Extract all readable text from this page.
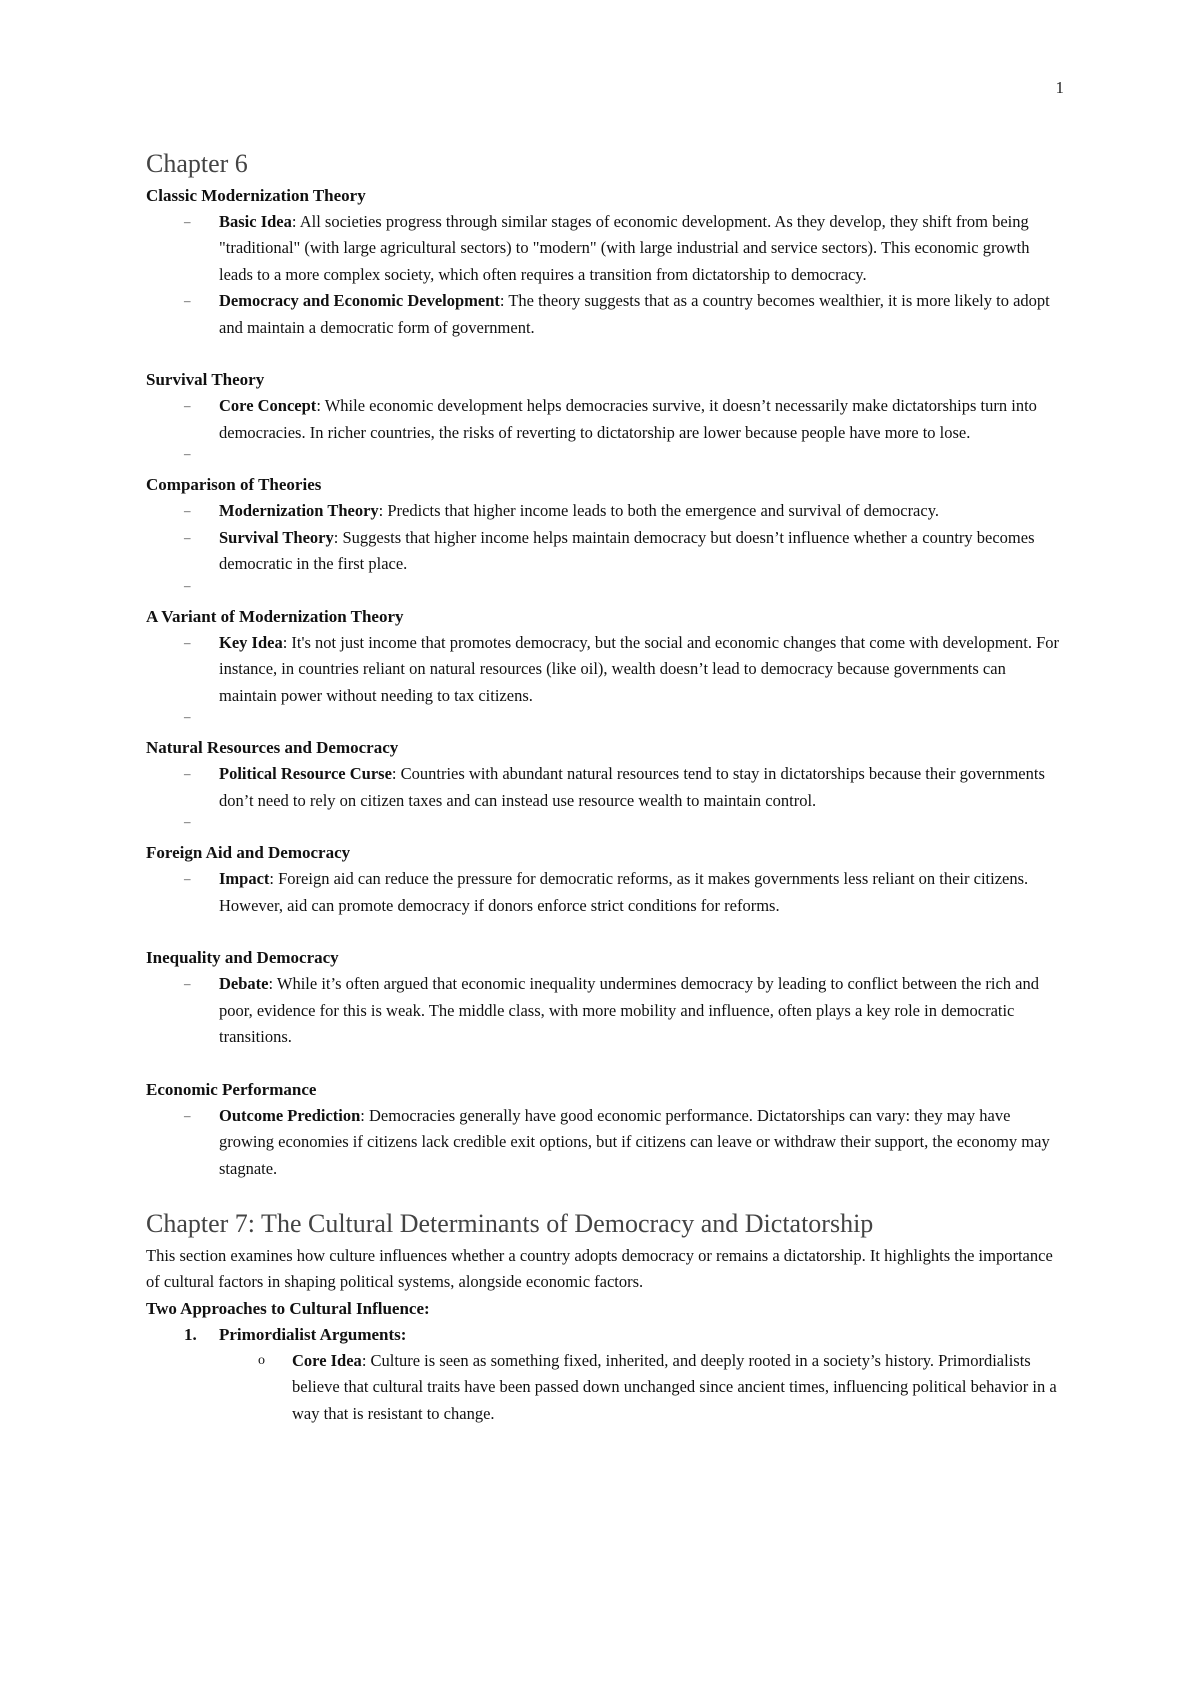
1
Chapter 6
Classic Modernization Theory
‒ Basic Idea: All societies progress through similar stages of economic development. As they develop, they shift from being "traditional" (with large agricultural sectors) to "modern" (with large industrial and service sectors). This economic growth leads to a more complex society, which often requires a transition from dictatorship to democracy.
‒ Democracy and Economic Development: The theory suggests that as a country becomes wealthier, it is more likely to adopt and maintain a democratic form of government.
Survival Theory
‒ Core Concept: While economic development helps democracies survive, it doesn’t necessarily make dictatorships turn into democracies. In richer countries, the risks of reverting to dictatorship are lower because people have more to lose.
‒
Comparison of Theories
‒ Modernization Theory: Predicts that higher income leads to both the emergence and survival of democracy.
‒ Survival Theory: Suggests that higher income helps maintain democracy but doesn’t influence whether a country becomes democratic in the first place.
‒
A Variant of Modernization Theory
‒ Key Idea: It's not just income that promotes democracy, but the social and economic changes that come with development. For instance, in countries reliant on natural resources (like oil), wealth doesn’t lead to democracy because governments can maintain power without needing to tax citizens.
‒
Natural Resources and Democracy
‒ Political Resource Curse: Countries with abundant natural resources tend to stay in dictatorships because their governments don’t need to rely on citizen taxes and can instead use resource wealth to maintain control.
‒
Foreign Aid and Democracy
‒ Impact: Foreign aid can reduce the pressure for democratic reforms, as it makes governments less reliant on their citizens. However, aid can promote democracy if donors enforce strict conditions for reforms.
Inequality and Democracy
‒ Debate: While it’s often argued that economic inequality undermines democracy by leading to conflict between the rich and poor, evidence for this is weak. The middle class, with more mobility and influence, often plays a key role in democratic transitions.
Economic Performance
‒ Outcome Prediction: Democracies generally have good economic performance. Dictatorships can vary: they may have growing economies if citizens lack credible exit options, but if citizens can leave or withdraw their support, the economy may stagnate.
Chapter 7: The Cultural Determinants of Democracy and Dictatorship

This section examines how culture influences whether a country adopts democracy or remains a dictatorship. It highlights the importance of cultural factors in shaping political systems, alongside economic factors.

Two Approaches to Cultural Influence:
1. Primordialist Arguments:
o Core Idea: Culture is seen as something fixed, inherited, and deeply rooted in a society’s history. Primordialists believe that cultural traits have been passed down unchanged since ancient times, influencing political behavior in a way that is resistant to change.
